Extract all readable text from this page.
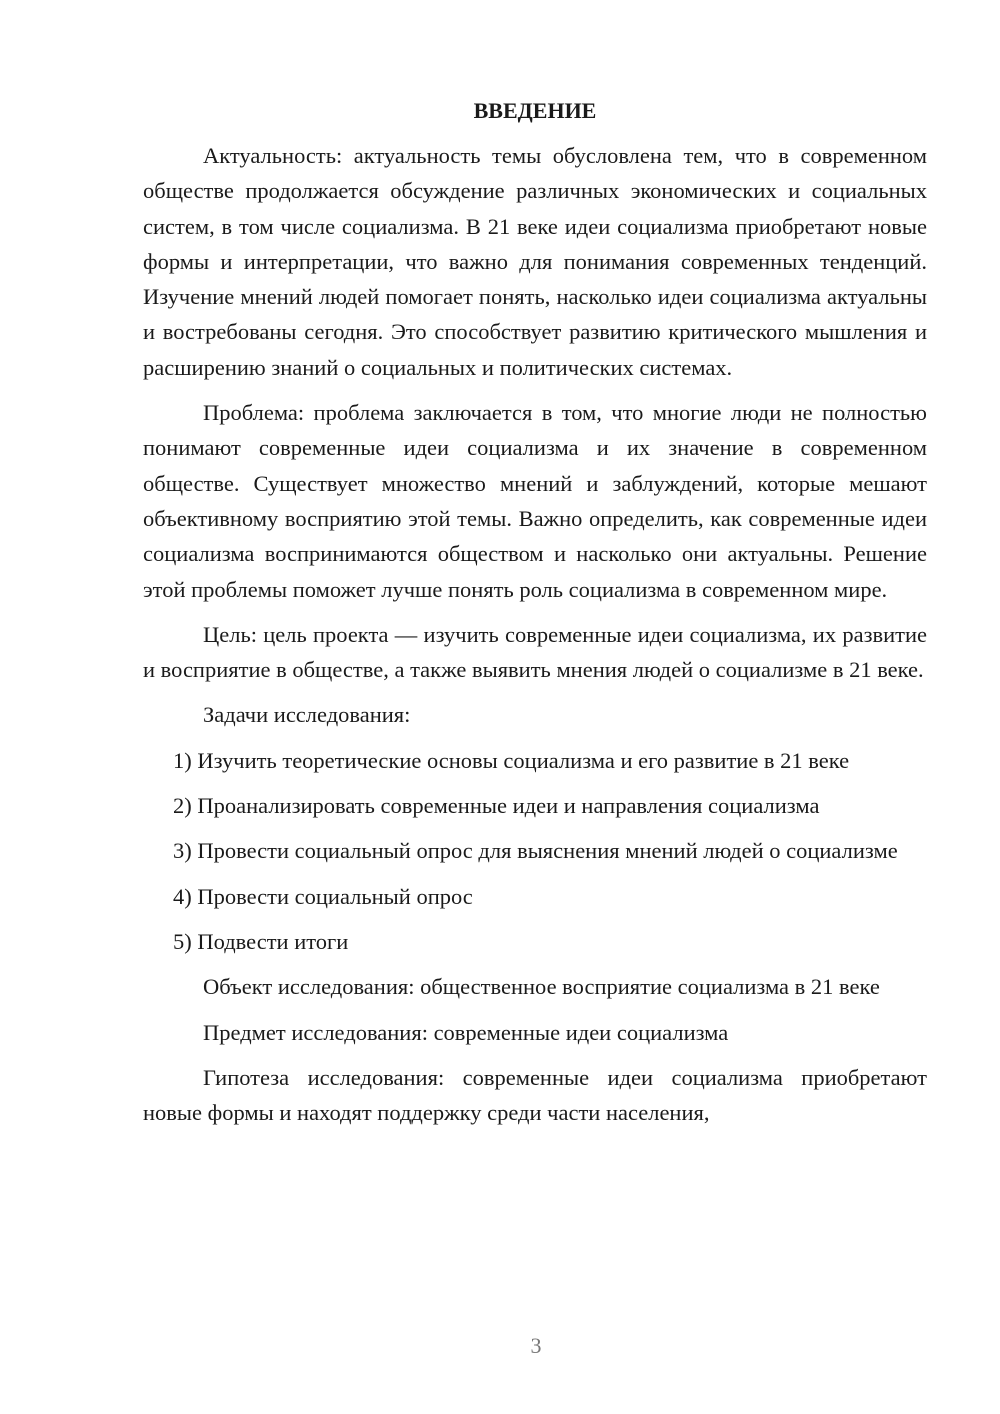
ВВЕДЕНИЕ

Актуальность: актуальность темы обусловлена тем, что в современном обществе продолжается обсуждение различных экономических и социальных систем, в том числе социализма. В 21 веке идеи социализма приобретают новые формы и интерпретации, что важно для понимания современных тенденций. Изучение мнений людей помогает понять, насколько идеи социализма актуальны и востребованы сегодня. Это способствует развитию критического мышления и расширению знаний о социальных и политических системах.

Проблема: проблема заключается в том, что многие люди не полностью понимают современные идеи социализма и их значение в современном обществе. Существует множество мнений и заблуждений, которые мешают объективному восприятию этой темы. Важно определить, как современные идеи социализма воспринимаются обществом и насколько они актуальны. Решение этой проблемы поможет лучше понять роль социализма в современном мире.

Цель: цель проекта — изучить современные идеи социализма, их развитие и восприятие в обществе, а также выявить мнения людей о социализме в 21 веке.

Задачи исследования:

1) Изучить теоретические основы социализма и его развитие в 21 веке

2) Проанализировать современные идеи и направления социализма

3) Провести социальный опрос для выяснения мнений людей о социализме

4) Провести социальный опрос

5) Подвести итоги

Объект исследования: общественное восприятие социализма в 21 веке

Предмет исследования: современные идеи социализма

Гипотеза исследования: современные идеи социализма приобретают новые формы и находят поддержку среди части населения,

3
